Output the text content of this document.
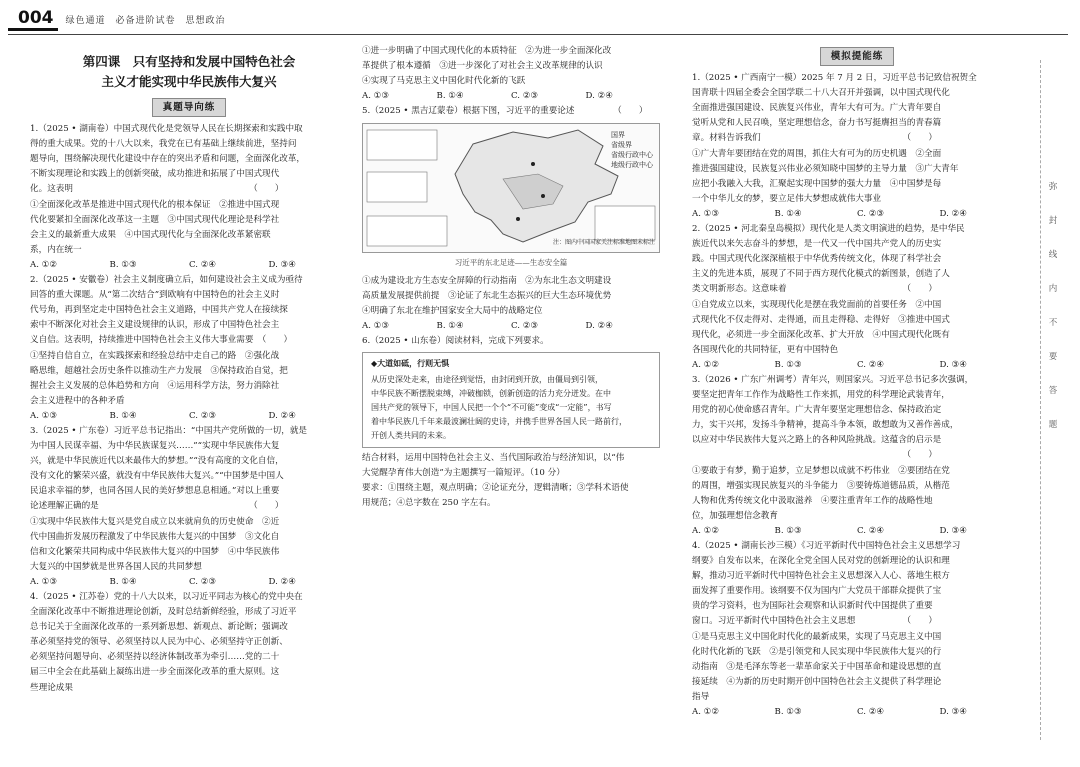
004	绿色通道　必备进阶试卷　思想政治
第四课　只有坚持和发展中国特色社会
主义才能实现中华民族伟大复兴
真题导向练

1.（2025 • 湖南卷）中国式现代化是党领导人民在长期探索和实践中取

得的重大成果。党的十八大以来，我党在已有基础上继续前进，坚持问

题导向，围绕解决现代化建设中存在的突出矛盾和问题，全面深化改革，

不断实现理论和实践上的创新突破，成功推进和拓展了中国式现代

化。这表明　　　　　　　　　　　　　　　　　　　　　（　　）

①全面深化改革是推进中国式现代化的根本保证　②推进中国式现

代化要紧扣全面深化改革这一主题　③中国式现代化理论是科学社

会主义的最新重大成果　④中国式现代化与全面深化改革紧密联

系，内在统一

A. ①②	B. ①③	C. ②④	D. ③④

2.（2025 • 安徽卷）社会主义制度确立后，如何建设社会主义成为亟待

回答的重大课题。从“第二次结合”到欧响有中国特色的社会主义时

代号角，再到坚定走中国特色社会主义道路，中国共产党人在接续探

索中不断深化对社会主义建设规律的认识，形成了中国特色社会主

义自信。这表明，持续推进中国特色社会主义伟大事业需要　（　　）

①坚持自信自立，在实践探索和经验总结中走自己的路　②强化战

略思维，超越社会历史条件以推动生产力发展　③保持政治自觉，把

握社会主义发展的总体趋势和方向　④运用科学方法，努力消除社

会主义进程中的各种矛盾

A. ①③	B. ①④	C. ②③	D. ②④

3.（2025 • 广东卷）习近平总书记指出：“中国共产党所做的一切，就是

为中国人民谋幸福、为中华民族谋复兴……”“实现中华民族伟大复

兴，就是中华民族近代以来最伟大的梦想。”“没有高度的文化自信，

没有文化的繁荣兴盛，就没有中华民族伟大复兴。”“中国梦是中国人

民追求幸福的梦，也同各国人民的美好梦想息息相通。”对以上重要

论述理解正确的是　　　　　　　　　　　　　　　　　　（　　）

①实现中华民族伟大复兴是党自成立以来就肩负的历史使命　②近

代中国曲折发展历程激发了中华民族伟大复兴的中国梦　③文化自

信和文化繁荣共同构成中华民族伟大复兴的中国梦　④中华民族伟

大复兴的中国梦就是世界各国人民的共同梦想

A. ①③	B. ①④	C. ②③	D. ②④

4.（2025 • 江苏卷）党的十八大以来，以习近平同志为核心的党中央在

全面深化改革中不断推进理论创新，及时总结新鲜经验，形成了习近平

总书记关于全面深化改革的一系列新思想、新观点、新论断；强调改

革必须坚持党的领导、必须坚持以人民为中心、必须坚持守正创新、

必须坚持问题导向、必须坚持以经济体制改革为牵引……党的二十

届三中全会在此基础上凝练出进一步全面深化改革的重大原则。这

些理论成果

①进一步明确了中国式现代化的本质特征　②为进一步全面深化改

革提供了根本遵循　③进一步深化了对社会主义改革规律的认识

④实现了马克思主义中国化时代化新的飞跃

A. ①③	B. ①④	C. ②③	D. ②④

5.（2025 • 黑吉辽蒙卷）根据下图，习近平的重要论述　　　　　（　　）

国界
省级界
省级行政中心
地级行政中心
注：图内中国国家关注标准地图未标注
习近平的东北足迹——生态安全篇

①成为建设北方生态安全屏障的行动指南　②为东北生态文明建设

高质量发展提供前提　③论证了东北生态振兴的巨大生态环境优势

④明确了东北在维护国家安全大局中的战略定位

A. ①③	B. ①④	C. ②③	D. ②④

6.（2025 • 山东卷）阅读材料，完成下列要求。

◆大道如砥，行则无惧

从历史深处走来，由途径到觉悟，由封闭到开放，由僵局到引领，

中华民族不断摆脱束缚，冲破枷锁，创新创造的活力充分迸发。在中

国共产党的领导下，中国人民把一个个“不可能”变成“一定能”，书写

着中华民族几千年来最波澜壮阔的史诗，并携手世界各国人民一路前行，

开创人类共同的未来。

结合材料，运用中国特色社会主义、当代国际政治与经济知识，以“伟

大觉醒孕育伟大创造”为主题撰写一篇短评。（10 分）

要求：①围绕主题，观点明确；②论证充分，逻辑清晰；③学科术语使

用规范；④总字数在 250 字左右。

模拟提能练

1.（2025 • 广西南宁一模）2025 年 7 月 2 日，习近平总书记致信祝贺全

国青联十四届全委会全国学联二十八大召开并强调，以中国式现代化

全面推进强国建设、民族复兴伟业，青年大有可为。广大青年要自

觉听从党和人民召唤，坚定理想信念，奋力书写挺膺担当的青春篇

章。材料告诉我们　　　　　　　　　　　　　　　　　（　　）

①广大青年要团结在党的周围，抓住大有可为的历史机遇　②全面

推进强国建设，民族复兴伟业必须知晓中国梦的主导力量　③广大青年

应把小我融入大我，汇聚起实现中国梦的强大力量　④中国梦是每

一个中华儿女的梦，要立足伟大梦想成就伟大事业

A. ①③	B. ①④	C. ②③	D. ②④

2.（2025 • 河北秦皇岛模拟）现代化是人类文明演进的趋势，是中华民

族近代以来矢志奋斗的梦想，是一代又一代中国共产党人的历史实

践。中国式现代化深深植根于中华优秀传统文化，体现了科学社会

主义的先进本质，展现了不同于西方现代化模式的新图景，创造了人

类文明新形态。这意味着　　　　　　　　　　　　　　（　　）

①自党成立以来，实现现代化是摆在我党面前的首要任务　②中国

式现代化不仅走得对、走得通，而且走得稳、走得好　③推进中国式

现代化，必须进一步全面深化改革、扩大开放　④中国式现代化既有

各国现代化的共同特征，更有中国特色

A. ①②	B. ①③	C. ②④	D. ③④

3.（2026 • 广东广州调考）青年兴，则国家兴。习近平总书记多次强调，

要坚定把青年工作作为战略性工作来抓，用党的科学理论武装青年，

用党的初心使命感召青年。广大青年要坚定理想信念、保持政治定

力，实干兴邦，发扬斗争精神，提高斗争本领，敢想敢为又善作善成，

以应对中华民族伟大复兴之路上的各种风险挑战。这蕴含的启示是

　　　　　　　　　　　　　　　　　　　　　　　　　（　　）

①要敢于有梦，勤于追梦，立足梦想以成就不朽伟业　②要团结在党

的周围，增强实现民族复兴的斗争能力　③要铸炼道德品质，从楷范

人物和优秀传统文化中汲取滋养　④要注重青年工作的战略性地

位，加强理想信念教育

A. ①②	B. ①③	C. ②④	D. ③④

4.（2025 • 湖南长沙三模）《习近平新时代中国特色社会主义思想学习

纲要》自发布以来，在深化全党全国人民对党的创新理论的认识和理

解，推动习近平新时代中国特色社会主义思想深入人心、落地生根方

面发挥了重要作用。该纲要不仅为国内广大党员干部群众提供了宝

贵的学习资料，也为国际社会观察和认识新时代中国提供了重要

窗口。习近平新时代中国特色社会主义思想　　　　　　（　　）

①是马克思主义中国化时代化的最新成果，实现了马克思主义中国

化时代化新的飞跃　②是引领党和人民实现中华民族伟大复兴的行

动指南　③是毛泽东等老一辈革命家关于中国革命和建设思想的直

接延续　④为新的历史时期开创中国特色社会主义提供了科学理论

指导

A. ①②	B. ①③	C. ②④	D. ③④
弥
封
线
内
不
要
答
题
